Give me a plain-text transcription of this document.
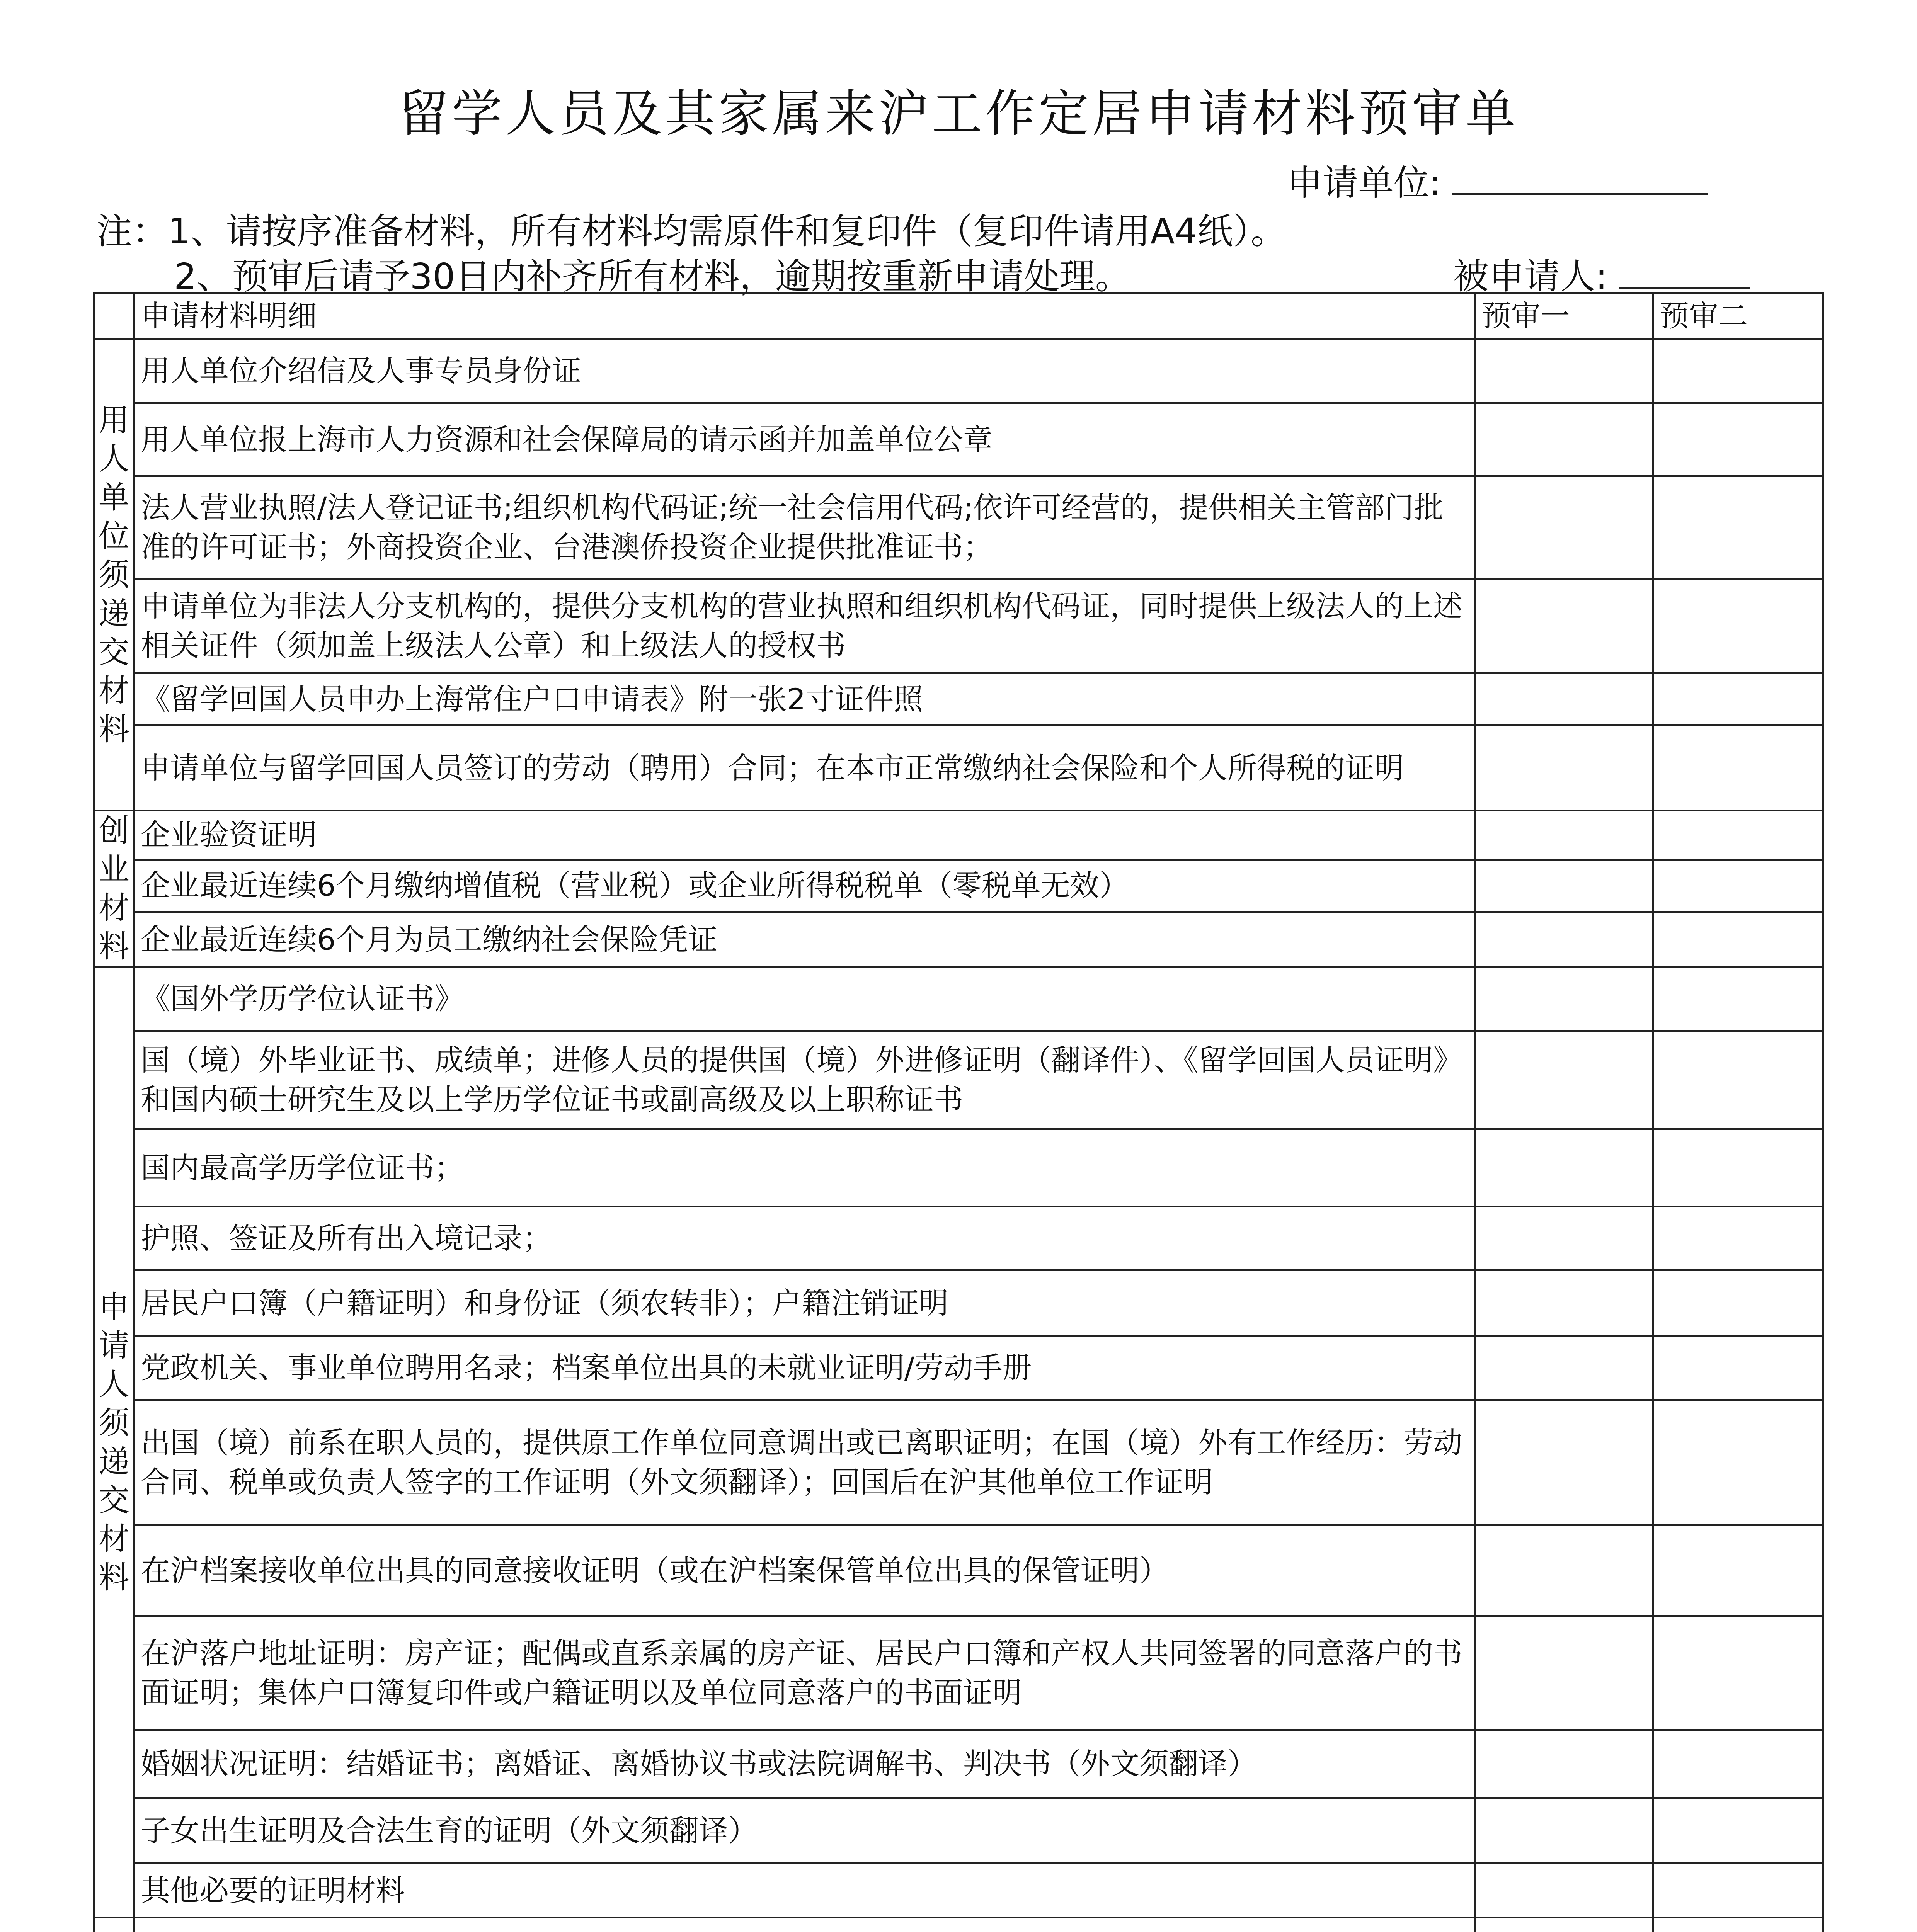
留学人员及其家属来沪工作定居申请材料预审单
申请单位:
注：1、请按序准备材料，所有材料均需原件和复印件（复印件请用A4纸）。
2、预审后请予30日内补齐所有材料，逾期按重新申请处理。	被申请人:
	申请材料明细	预审一	预审二

用人单位须递交材料	用人单位介绍信及人事专员身份证		
	用人单位报上海市人力资源和社会保障局的请示函并加盖单位公章		
	法人营业执照/法人登记证书;组织机构代码证;统一社会信用代码;依许可经营的，提供相关主管部门批准的许可证书；外商投资企业、台港澳侨投资企业提供批准证书；		
	申请单位为非法人分支机构的，提供分支机构的营业执照和组织机构代码证，同时提供上级法人的上述相关证件（须加盖上级法人公章）和上级法人的授权书		
	《留学回国人员申办上海常住户口申请表》附一张2寸证件照		
	申请单位与留学回国人员签订的劳动（聘用）合同；在本市正常缴纳社会保险和个人所得税的证明		

创业材料	企业验资证明		
	企业最近连续6个月缴纳增值税（营业税）或企业所得税税单（零税单无效）		
	企业最近连续6个月为员工缴纳社会保险凭证		

申请人须递交材料	《国外学历学位认证书》		
	国（境）外毕业证书、成绩单；进修人员的提供国（境）外进修证明（翻译件）、《留学回国人员证明》和国内硕士研究生及以上学历学位证书或副高级及以上职称证书		
	国内最高学历学位证书；		
	护照、签证及所有出入境记录；		
	居民户口簿（户籍证明）和身份证（须农转非）；户籍注销证明		
	党政机关、事业单位聘用名录；档案单位出具的未就业证明/劳动手册		
	出国（境）前系在职人员的，提供原工作单位同意调出或已离职证明；在国（境）外有工作经历：劳动合同、税单或负责人签字的工作证明（外文须翻译）；回国后在沪其他单位工作证明		
	在沪档案接收单位出具的同意接收证明（或在沪档案保管单位出具的保管证明）		
	在沪落户地址证明：房产证；配偶或直系亲属的房产证、居民户口簿和产权人共同签署的同意落户的书面证明；集体户口簿复印件或户籍证明以及单位同意落户的书面证明		
	婚姻状况证明：结婚证书；离婚证、离婚协议书或法院调解书、判决书（外文须翻译）		
	子女出生证明及合法生育的证明（外文须翻译）		
	其他必要的证明材料		
